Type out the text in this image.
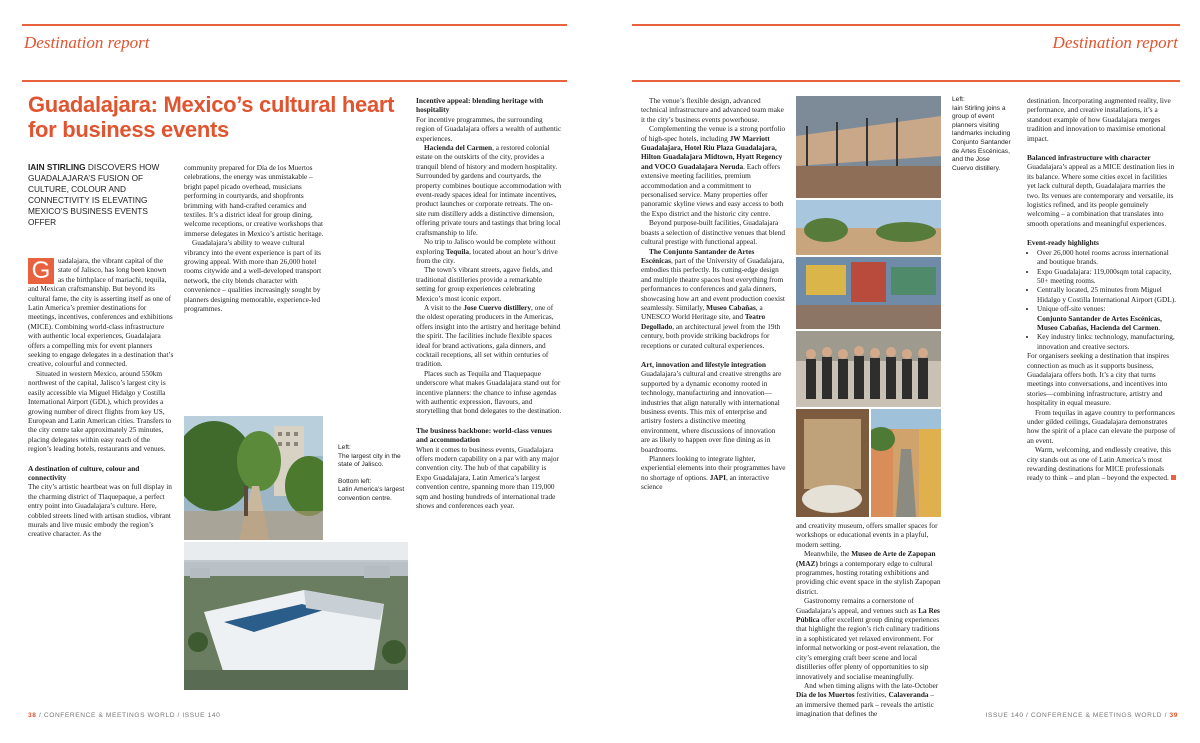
Destination report	Destination report
Guadalajara: Mexico’s cultural heart for business events
IAIN STIRLING DISCOVERS HOW GUADALAJARA’S FUSION OF CULTURE, COLOUR AND CONNECTIVITY IS ELEVATING MEXICO’S BUSINESS EVENTS OFFER
G	uadalajara, the vibrant capital of the state of Jalisco, has long been known as the birthplace of mariachi, tequila, and Mexican craftsmanship. But beyond its cultural fame, the city is asserting itself as one of Latin America’s premier destinations for meetings, incentives, conferences and exhibitions (MICE). Combining world-class infrastructure with authentic local experiences, Guadalajara offers a compelling mix for event planners seeking to engage delegates in a destination that’s creative, colourful and connected.

Situated in western Mexico, around 550km northwest of the capital, Jalisco’s largest city is easily accessible via Miguel Hidalgo y Costilla International Airport (GDL), which provides a growing number of direct flights from key US, European and Latin American cities. Transfers to the city centre take approximately 25 minutes, placing delegates within easy reach of the region’s leading hotels, restaurants and venues.

A destination of culture, colour and connectivity

The city’s artistic heartbeat was on full display in the charming district of Tlaquepaque, a perfect entry point into Guadalajara’s culture. Here, cobbled streets lined with artisan studios, vibrant murals and live music embody the region’s creative character. As the

community prepared for Día de los Muertos celebrations, the energy was unmistakable – bright papel picado overhead, musicians performing in courtyards, and shopfronts brimming with hand-crafted ceramics and textiles. It’s a district ideal for group dining, welcome receptions, or creative workshops that immerse delegates in Mexico’s artistic heritage.

Guadalajara’s ability to weave cultural vibrancy into the event experience is part of its growing appeal. With more than 26,000 hotel rooms citywide and a well-developed transport network, the city blends character with convenience – qualities increasingly sought by planners designing memorable, experience-led programmes.

Left:
The largest city in the state of Jalisco.
Bottom left:
Latin America’s largest convention centre.
Incentive appeal: blending heritage with hospitality

For incentive programmes, the surrounding region of Guadalajara offers a wealth of authentic experiences.

Hacienda del Carmen, a restored colonial estate on the outskirts of the city, provides a tranquil blend of history and modern hospitality. Surrounded by gardens and courtyards, the property combines boutique accommodation with event-ready spaces ideal for intimate incentives, product launches or corporate retreats. The on-site rum distillery adds a distinctive dimension, offering private tours and tastings that bring local craftsmanship to life.

No trip to Jalisco would be complete without exploring Tequila, located about an hour’s drive from the city.

The town’s vibrant streets, agave fields, and traditional distilleries provide a remarkable setting for group experiences celebrating Mexico’s most iconic export.

A visit to the Jose Cuervo distillery, one of the oldest operating producers in the Americas, offers insight into the artistry and heritage behind the spirit. The facilities include flexible spaces ideal for brand activations, gala dinners, and cocktail receptions, all set within centuries of tradition.

Places such as Tequila and Tlaquepaque underscore what makes Guadalajara stand out for incentive planners: the chance to infuse agendas with authentic expression, flavours, and storytelling that bond delegates to the destination.

The business backbone: world-class venues and accommodation

When it comes to business events, Guadalajara offers modern capability on a par with any major convention city. The hub of that capability is Expo Guadalajara, Latin America’s largest convention centre, spanning more than 119,000 sqm and hosting hundreds of international trade shows and conferences each year.

The venue’s flexible design, advanced technical infrastructure and advanced team make it the city’s business events powerhouse.

Complementing the venue is a strong portfolio of high-spec hotels, including JW Marriott Guadalajara, Hotel Riu Plaza Guadalajara, Hilton Guadalajara Midtown, Hyatt Regency and VOCO Guadalajara Neruda. Each offers extensive meeting facilities, premium accommodation and a commitment to personalised service. Many properties offer panoramic skyline views and easy access to both the Expo district and the historic city centre.

Beyond purpose-built facilities, Guadalajara boasts a selection of distinctive venues that blend cultural prestige with functional appeal.

The Conjunto Santander de Artes Escénicas, part of the University of Guadalajara, embodies this perfectly. Its cutting-edge design and multiple theatre spaces host everything from performances to conferences and gala dinners, showcasing how art and event production coexist seamlessly. Similarly, Museo Cabañas, a UNESCO World Heritage site, and Teatro Degollado, an architectural jewel from the 19th century, both provide striking backdrops for receptions or curated cultural experiences.

Art, innovation and lifestyle integration

Guadalajara’s cultural and creative strengths are supported by a dynamic economy rooted in technology, manufacturing and innovation—industries that align naturally with international business events. This mix of enterprise and artistry fosters a distinctive meeting environment, where discussions of innovation are as likely to happen over fine dining as in boardrooms.

Planners looking to integrate lighter, experiential elements into their programmes have no shortage of options. JAPI, an interactive science

Left:
Iain Stirling joins a group of event planners visiting landmarks including Conjunto Santander de Artes Escénicas, and the Jose Cuervo distillery.

and creativity museum, offers smaller spaces for workshops or educational events in a playful, modern setting.

Meanwhile, the Museo de Arte de Zapopan (MAZ) brings a contemporary edge to cultural programmes, hosting rotating exhibitions and providing chic event space in the stylish Zapopan district.

Gastronomy remains a cornerstone of Guadalajara’s appeal, and venues such as La Res Pública offer excellent group dining experiences that highlight the region’s rich culinary traditions in a sophisticated yet relaxed environment. For informal networking or post-event relaxation, the city’s emerging craft beer scene and local distilleries offer plenty of opportunities to sip innovatively and socialise meaningfully.

And when timing aligns with the late-October Día de los Muertos festivities, Calaveranda – an immersive themed park – reveals the artistic imagination that defines the

destination. Incorporating augmented reality, live performance, and creative installations, it’s a standout example of how Guadalajara merges tradition and innovation to maximise emotional impact.

Balanced infrastructure with character

Guadalajara’s appeal as a MICE destination lies in its balance. Where some cities excel in facilities yet lack cultural depth, Guadalajara marries the two. Its venues are contemporary and versatile, its logistics refined, and its people genuinely welcoming – a combination that translates into smooth operations and meaningful experiences.

Event-ready highlights
• Over 26,000 hotel rooms across international and boutique brands.
• Expo Guadalajara: 119,000sqm total capacity, 50+ meeting rooms.
• Centrally located, 25 minutes from Miguel Hidalgo y Costilla International Airport (GDL).
• Unique off-site venues:
Conjunto Santander de Artes Escénicas, Museo Cabañas, Hacienda del Carmen.
• Key industry links: technology, manufacturing, innovation and creative sectors.

For organisers seeking a destination that inspires connection as much as it supports business, Guadalajara offers both. It’s a city that turns meetings into conversations, and incentives into stories—combining infrastructure, artistry and hospitality in equal measure.

From tequilas in agave country to performances under gilded ceilings, Guadalajara demonstrates how the spirit of a place can elevate the purpose of an event.

Warm, welcoming, and endlessly creative, this city stands out as one of Latin America’s most rewarding destinations for MICE professionals ready to think – and plan – beyond the expected.

38 / CONFERENCE & MEETINGS WORLD / ISSUE 140	ISSUE 140 / CONFERENCE & MEETINGS WORLD / 39
